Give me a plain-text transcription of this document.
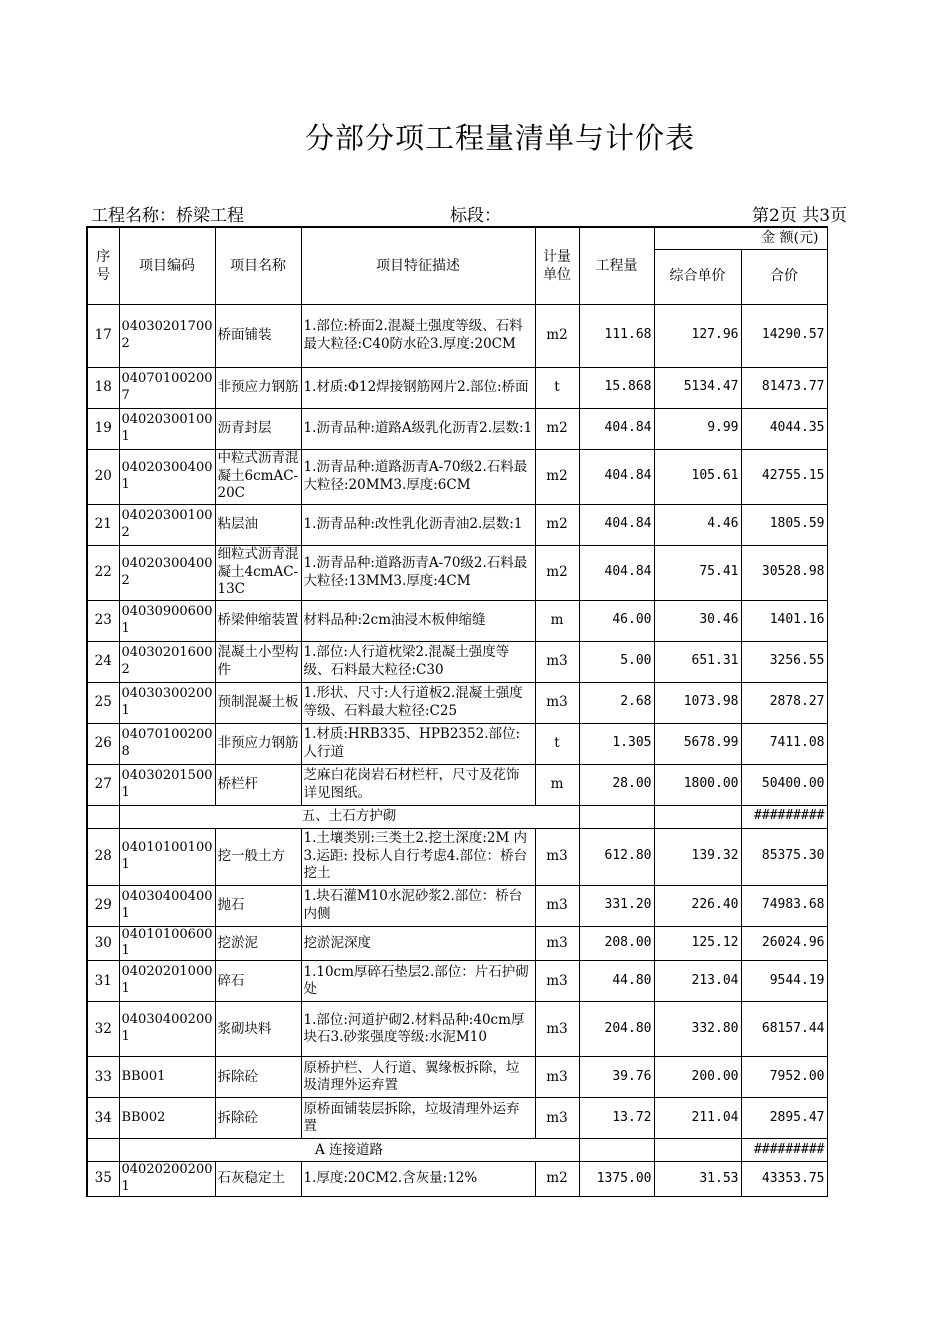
分部分项工程量清单与计价表
工程名称：桥梁工程	标段：	第2页 共3页
序号	项目编码	项目名称	项目特征描述	计量单位	工程量	金 额(元)	
						综合单价	合价
17	040302017002	桥面铺装	1.部位:桥面2.混凝土强度等级、石料最大粒径:C40防水砼3.厚度:20CM	m2	111.68	127.96	14290.57
18	040701002007	非预应力钢筋	1.材质:Φ12焊接钢筋网片2.部位:桥面	t	15.868	5134.47	81473.77
19	040203001001	沥青封层	1.沥青品种:道路A级乳化沥青2.层数:1	m2	404.84	9.99	4044.35
20	040203004001	中粒式沥青混凝土6cmAC-20C	1.沥青品种:道路沥青A-70级2.石料最大粒径:20MM3.厚度:6CM	m2	404.84	105.61	42755.15
21	040203001002	粘层油	1.沥青品种:改性乳化沥青油2.层数:1	m2	404.84	4.46	1805.59
22	040203004002	细粒式沥青混凝土4cmAC-13C	1.沥青品种:道路沥青A-70级2.石料最大粒径:13MM3.厚度:4CM	m2	404.84	75.41	30528.98
23	040309006001	桥梁伸缩装置	材料品种:2cm油浸木板伸缩缝	m	46.00	30.46	1401.16
24	040302016002	混凝土小型构件	1.部位:人行道枕梁2.混凝土强度等级、石料最大粒径:C30	m3	5.00	651.31	3256.55
25	040303002001	预制混凝土板	1.形状、尺寸:人行道板2.混凝土强度等级、石料最大粒径:C25	m3	2.68	1073.98	2878.27
26	040701002008	非预应力钢筋	1.材质:HRB335、HPB2352.部位:人行道	t	1.305	5678.99	7411.08
27	040302015001	桥栏杆	芝麻白花岗岩石材栏杆，尺寸及花饰详见图纸。	m	28.00	1800.00	50400.00
	五、土石方护砌						#########
28	040101001001	挖一般土方	1.土壤类别:三类土2.挖土深度:2M 内3.运距: 投标人自行考虑4.部位：桥台挖土	m3	612.80	139.32	85375.30
29	040304004001	抛石	1.块石灌M10水泥砂浆2.部位：桥台内侧	m3	331.20	226.40	74983.68
30	040101006001	挖淤泥	挖淤泥深度	m3	208.00	125.12	26024.96
31	040202010001	碎石	1.10cm厚碎石垫层2.部位：片石护砌处	m3	44.80	213.04	9544.19
32	040304002001	浆砌块料	1.部位:河道护砌2.材料品种:40cm厚块石3.砂浆强度等级:水泥M10	m3	204.80	332.80	68157.44
33	BB001	拆除砼	原桥护栏、人行道、翼缘板拆除，垃圾清理外运弃置	m3	39.76	200.00	7952.00
34	BB002	拆除砼	原桥面铺装层拆除，垃圾清理外运弃置	m3	13.72	211.04	2895.47
	A 连接道路						#########
35	040202002001	石灰稳定土	1.厚度:20CM2.含灰量:12%	m2	1375.00	31.53	43353.75
